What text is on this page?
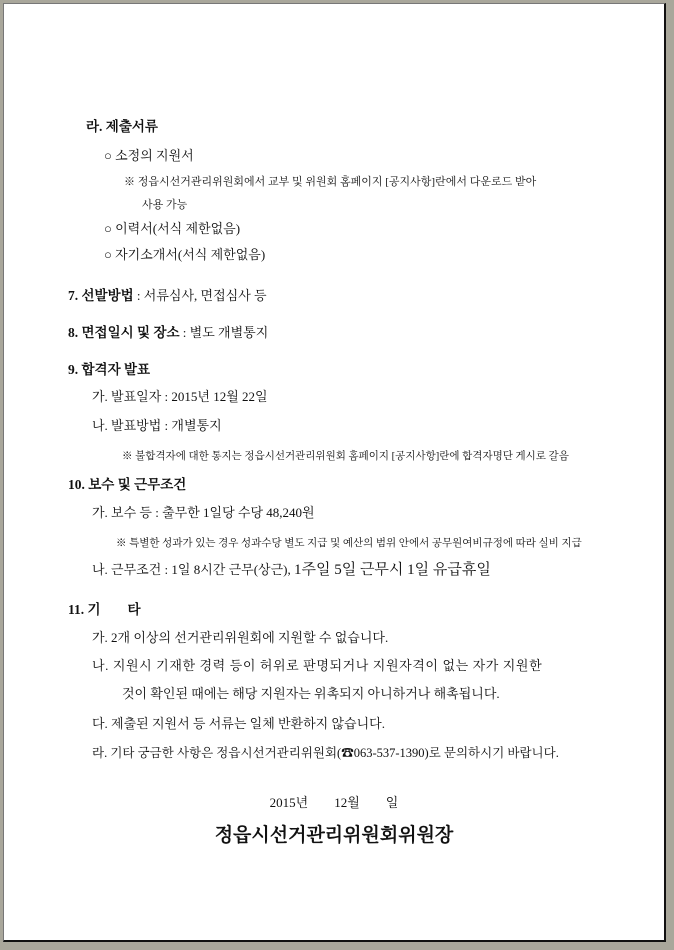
라. 제출서류
○ 소정의 지원서
※ 정읍시선거관리위원회에서 교부 및 위원회 홈페이지 [공지사항]란에서 다운로드 받아
사용 가능
○ 이력서(서식 제한없음)
○ 자기소개서(서식 제한없음)
7. 선발방법 : 서류심사, 면접심사 등
8. 면접일시 및 장소 : 별도 개별통지
9. 합격자 발표
가. 발표일자 : 2015년 12월 22일
나. 발표방법 : 개별통지
※ 불합격자에 대한 통지는 정읍시선거관리위원회 홈페이지 [공지사항]란에 합격자명단 게시로 갈음
10. 보수 및 근무조건
가. 보수 등 : 출무한 1일당 수당 48,240원
※ 특별한 성과가 있는 경우 성과수당 별도 지급 및 예산의 범위 안에서 공무원여비규정에 따라 실비 지급
나. 근무조건 : 1일 8시간 근무(상근), 1주일 5일 근무시 1일 유급휴일
11. 기　　타
가. 2개 이상의 선거관리위원회에 지원할 수 없습니다.
나. 지원시 기재한 경력 등이 허위로 판명되거나 지원자격이 없는 자가 지원한
것이 확인된 때에는 해당 지원자는 위촉되지 아니하거나 해촉됩니다.
다. 제출된 지원서 등 서류는 일체 반환하지 않습니다.
라. 기타 궁금한 사항은 정읍시선거관리위원회(☎063-537-1390)로 문의하시기 바랍니다.
2015년　　12월　　일
정읍시선거관리위원회위원장
